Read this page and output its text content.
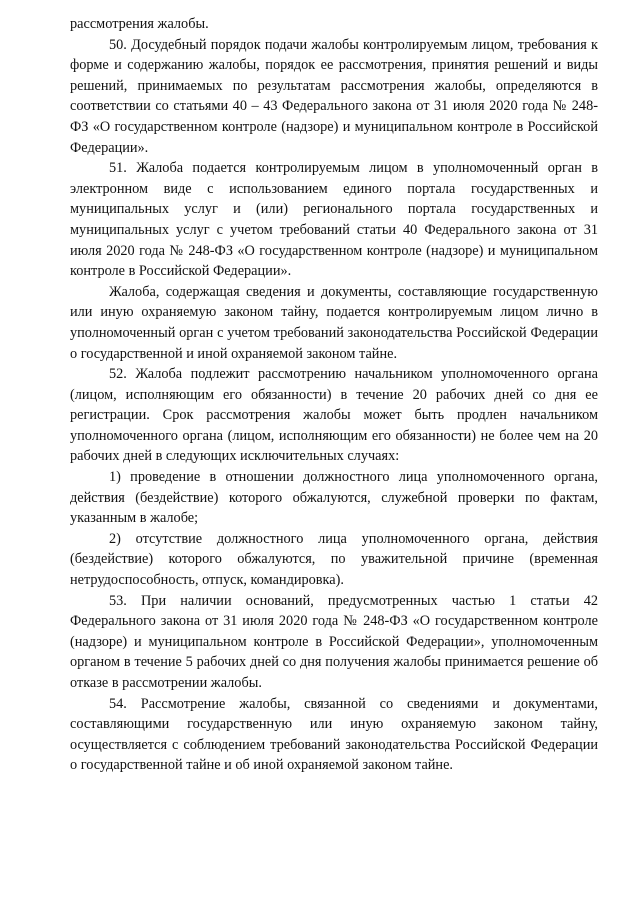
рассмотрения жалобы.

50. Досудебный порядок подачи жалобы контролируемым лицом, требования к форме и содержанию жалобы, порядок ее рассмотрения, принятия решений и виды решений, принимаемых по результатам рассмотрения жалобы, определяются в соответствии со статьями 40 – 43 Федерального закона от 31 июля 2020 года № 248-ФЗ «О государственном контроле (надзоре) и муниципальном контроле в Российской Федерации».

51. Жалоба подается контролируемым лицом в уполномоченный орган в электронном виде с использованием единого портала государственных и муниципальных услуг и (или) регионального портала государственных и муниципальных услуг с учетом требований статьи 40 Федерального закона от 31 июля 2020 года № 248-ФЗ «О государственном контроле (надзоре) и муниципальном контроле в Российской Федерации».

Жалоба, содержащая сведения и документы, составляющие государственную или иную охраняемую законом тайну, подается контролируемым лицом лично в уполномоченный орган с учетом требований законодательства Российской Федерации о государственной и иной охраняемой законом тайне.

52. Жалоба подлежит рассмотрению начальником уполномоченного органа (лицом, исполняющим его обязанности) в течение 20 рабочих дней со дня ее регистрации. Срок рассмотрения жалобы может быть продлен начальником уполномоченного органа (лицом, исполняющим его обязанности) не более чем на 20 рабочих дней в следующих исключительных случаях:

1) проведение в отношении должностного лица уполномоченного органа, действия (бездействие) которого обжалуются, служебной проверки по фактам, указанным в жалобе;

2) отсутствие должностного лица уполномоченного органа, действия (бездействие) которого обжалуются, по уважительной причине (временная нетрудоспособность, отпуск, командировка).

53. При наличии оснований, предусмотренных частью 1 статьи 42 Федерального закона от 31 июля 2020 года № 248-ФЗ «О государственном контроле (надзоре) и муниципальном контроле в Российской Федерации», уполномоченным органом в течение 5 рабочих дней со дня получения жалобы принимается решение об отказе в рассмотрении жалобы.

54. Рассмотрение жалобы, связанной со сведениями и документами, составляющими государственную или иную охраняемую законом тайну, осуществляется с соблюдением требований законодательства Российской Федерации о государственной тайне и об иной охраняемой законом тайне.
